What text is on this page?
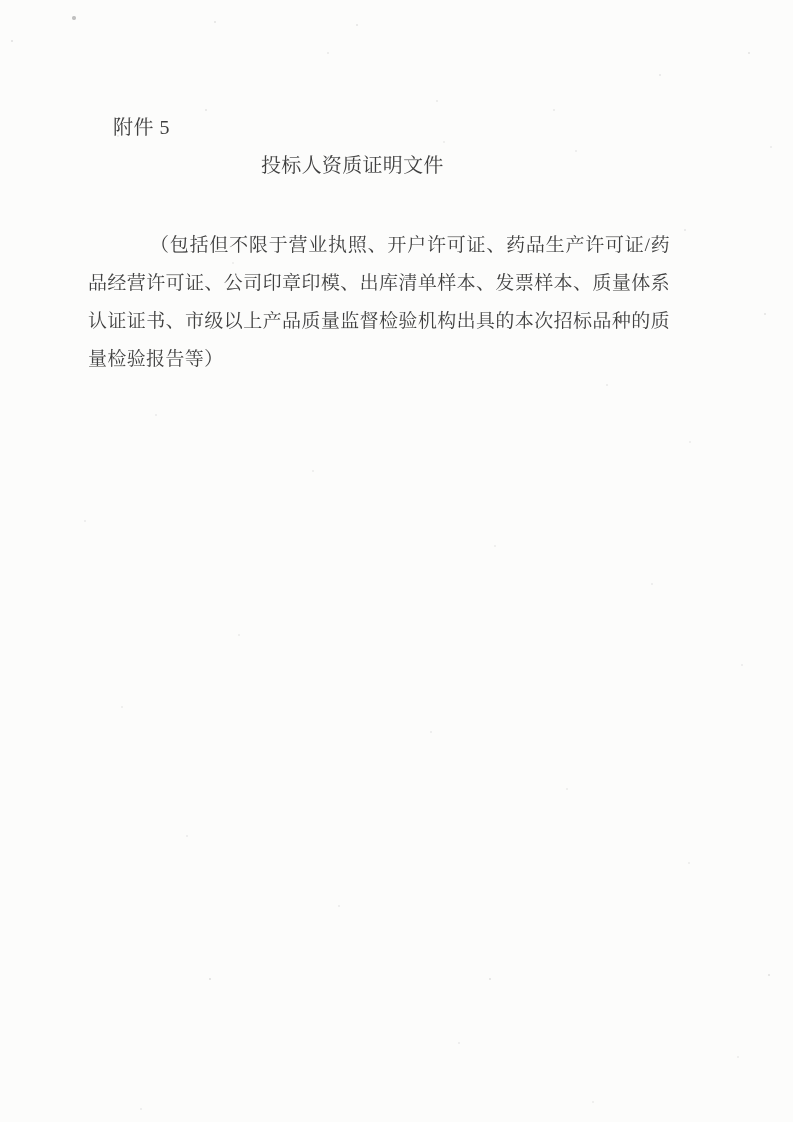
附件 5
投标人资质证明文件

（包括但不限于营业执照、开户许可证、药品生产许可证/药品经营许可证、公司印章印模、出库清单样本、发票样本、质量体系认证证书、市级以上产品质量监督检验机构出具的本次招标品种的质量检验报告等）
